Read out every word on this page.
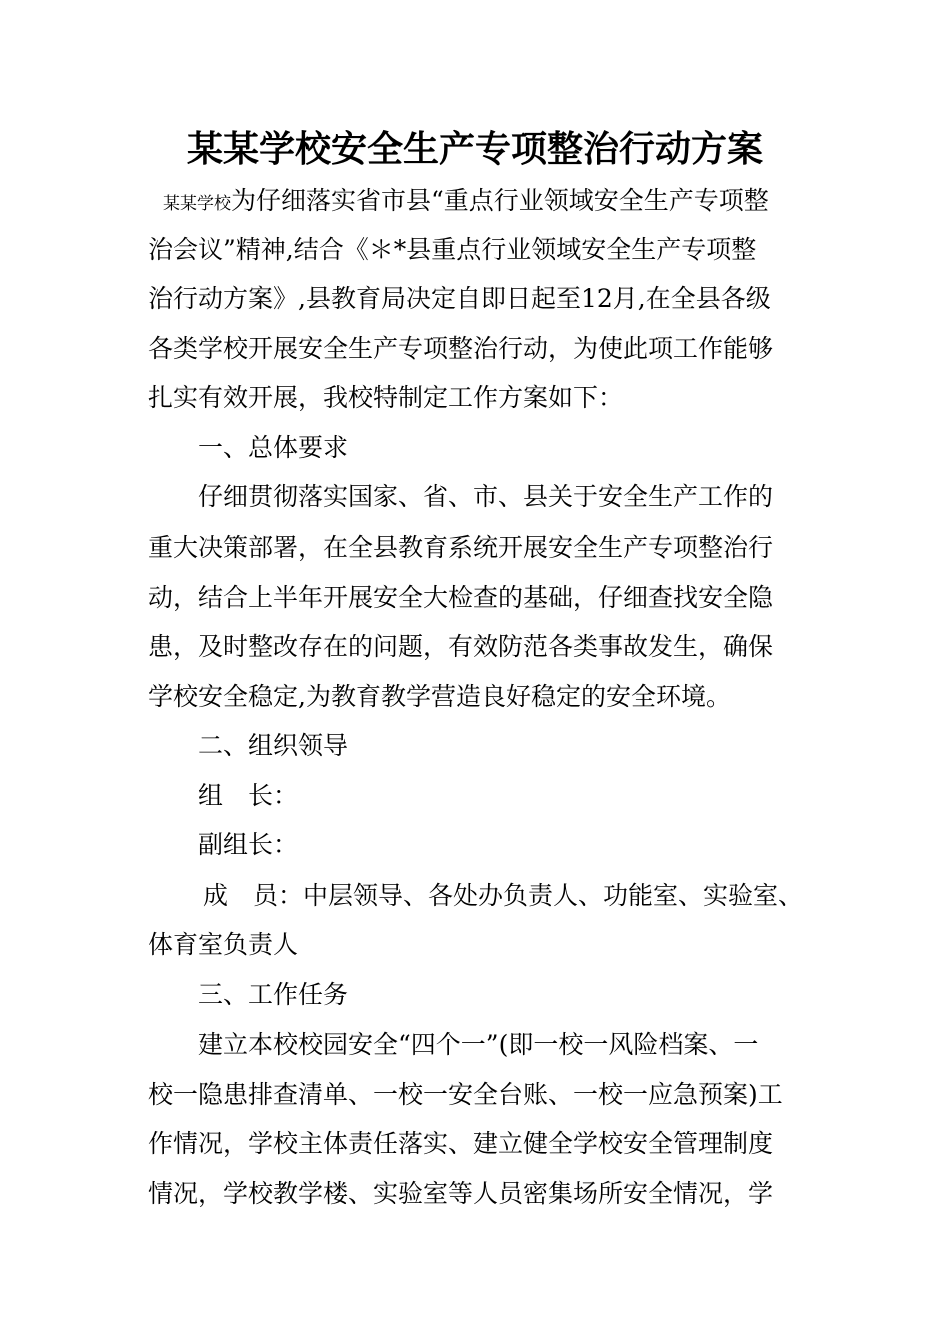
某某学校安全生产专项整治行动方案
某某学校为仔细落实省市县“重点行业领域安全生产专项整
治会议”精神,结合《＊*县重点行业领域安全生产专项整
治行动方案》,县教育局决定自即日起至12月,在全县各级
各类学校开展安全生产专项整治行动，为使此项工作能够
扎实有效开展，我校特制定工作方案如下：
一、总体要求
仔细贯彻落实国家、省、市、县关于安全生产工作的
重大决策部署，在全县教育系统开展安全生产专项整治行
动，结合上半年开展安全大检查的基础，仔细查找安全隐
患，及时整改存在的问题，有效防范各类事故发生，确保
学校安全稳定,为教育教学营造良好稳定的安全环境。
二、组织领导
组　长：
副组长：
成　员：中层领导、各处办负责人、功能室、实验室、
体育室负责人
三、工作任务
建立本校校园安全“四个一”(即一校一风险档案、一
校一隐患排查清单、一校一安全台账、一校一应急预案)工
作情况，学校主体责任落实、建立健全学校安全管理制度
情况，学校教学楼、实验室等人员密集场所安全情况，学
